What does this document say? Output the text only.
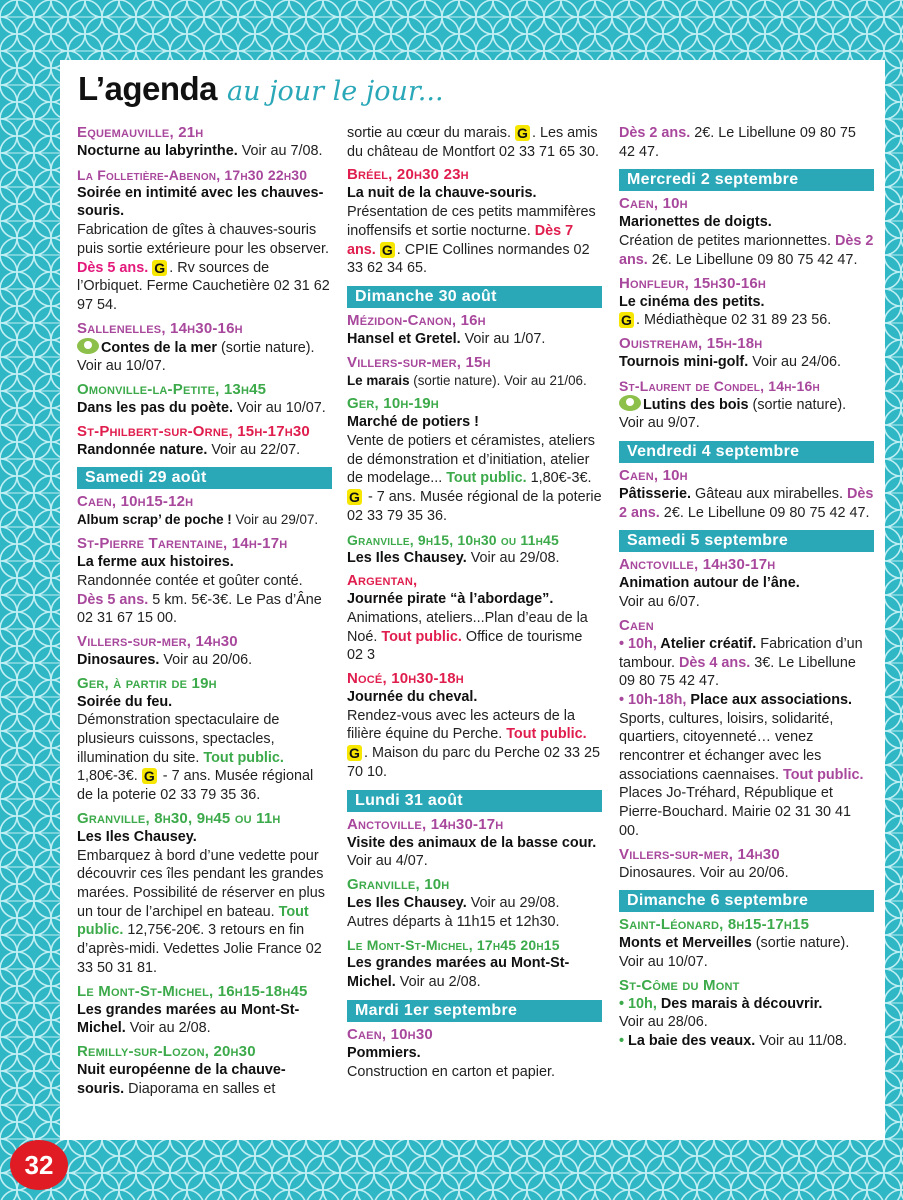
L’agenda au jour le jour...
Equemauville, 21h
Nocturne au labyrinthe. Voir au 7/08.
La Folletière-Abenon, 17h30 22h30
Soirée en intimité avec les chauves-souris.
Fabrication de gîtes à chauves-souris puis sortie extérieure pour les observer. Dès 5 ans. G . Rv sources de l’Orbiquet. Ferme Cauchetière 02 31 62 97 54.
Sallenelles, 14h30-16h
Contes de la mer (sortie nature). Voir au 10/07.
Omonville-la-Petite, 13h45
Dans les pas du poète. Voir au 10/07.
St-Philbert-sur-Orne, 15h-17h30
Randonnée nature. Voir au 22/07.
Samedi 29 août
Caen, 10h15-12h
Album scrap’ de poche ! Voir au 29/07.
St-Pierre Tarentaine, 14h-17h
La ferme aux histoires.
Randonnée contée et goûter conté. Dès 5 ans. 5 km. 5€-3€. Le Pas d’Âne 02 31 67 15 00.
Villers-sur-mer, 14h30
Dinosaures. Voir au 20/06.
Ger, à partir de 19h
Soirée du feu.
Démonstration spectaculaire de plusieurs cuissons, spectacles, illumination du site. Tout public. 1,80€-3€. G - 7 ans. Musée régional de la poterie 02 33 79 35 36.
Granville, 8h30, 9h45 ou 11h
Les Iles Chausey.
Embarquez à bord d’une vedette pour découvrir ces îles pendant les grandes marées. Possibilité de réserver en plus un tour de l’archipel en bateau. Tout public. 12,75€-20€. 3 retours en fin d’après-midi. Vedettes Jolie France 02 33 50 31 81.
Le Mont-St-Michel, 16h15-18h45
Les grandes marées au Mont-St-Michel. Voir au 2/08.
Remilly-sur-Lozon, 20h30
Nuit européenne de la chauve-souris. Diaporama en salles et
sortie au cœur du marais. G . Les amis du château de Montfort 02 33 71 65 30.
Bréel, 20h30 23h
La nuit de la chauve-souris.
Présentation de ces petits mammifères inoffensifs et sortie nocturne. Dès 7 ans. G . CPIE Collines normandes 02 33 62 34 65.
Dimanche 30 août
Mézidon-Canon, 16h
Hansel et Gretel. Voir au 1/07.
Villers-sur-mer, 15h
Le marais (sortie nature). Voir au 21/06.
Ger, 10h-19h
Marché de potiers !
Vente de potiers et céramistes, ateliers de démonstration et d’initiation, atelier de modelage... Tout public. 1,80€-3€. G - 7 ans. Musée régional de la poterie 02 33 79 35 36.
Granville, 9h15, 10h30 ou 11h45
Les Iles Chausey. Voir au 29/08.
Argentan,
Journée pirate “à l’abordage”.
Animations, ateliers...Plan d’eau de la Noé. Tout public. Office de tourisme 02 3
Nocé, 10h30-18h
Journée du cheval.
Rendez-vous avec les acteurs de la filière équine du Perche. Tout public. G . Maison du parc du Perche 02 33 25 70 10.
Lundi 31 août
Anctoville, 14h30-17h
Visite des animaux de la basse cour. Voir au 4/07.
Granville, 10h
Les Iles Chausey. Voir au 29/08. Autres départs à 11h15 et 12h30.
Le Mont-St-Michel, 17h45 20h15
Les grandes marées au Mont-St-Michel. Voir au 2/08.
Mardi 1er septembre
Caen, 10h30
Pommiers.
Construction en carton et papier.
Dès 2 ans. 2€. Le Libellune 09 80 75 42 47.
Mercredi 2 septembre
Caen, 10h
Marionettes de doigts.
Création de petites marionnettes. Dès 2 ans. 2€. Le Libellune 09 80 75 42 47.
Honfleur, 15h30-16h
Le cinéma des petits.
G . Médiathèque 02 31 89 23 56.
Ouistreham, 15h-18h
Tournois mini-golf. Voir au 24/06.
St-Laurent de Condel, 14h-16h
Lutins des bois (sortie nature). Voir au 9/07.
Vendredi 4 septembre
Caen, 10h
Pâtisserie. Gâteau aux mirabelles. Dès 2 ans. 2€. Le Libellune 09 80 75 42 47.
Samedi 5 septembre
Anctoville, 14h30-17h
Animation autour de l’âne.
Voir au 6/07.
Caen
• 10h, Atelier créatif. Fabrication d’un tambour. Dès 4 ans. 3€. Le Libellune 09 80 75 42 47.
• 10h-18h, Place aux associations. Sports, cultures, loisirs, solidarité, quartiers, citoyenneté… venez rencontrer et échanger avec les associations caennaises. Tout public. Places Jo-Tréhard, République et Pierre-Bouchard. Mairie 02 31 30 41 00.
Villers-sur-mer, 14h30
Dinosaures. Voir au 20/06.
Dimanche 6 septembre
Saint-Léonard, 8h15-17h15
Monts et Merveilles (sortie nature). Voir au 10/07.
St-Côme du Mont
• 10h, Des marais à découvrir.
Voir au 28/06.
• La baie des veaux. Voir au 11/08.
32
